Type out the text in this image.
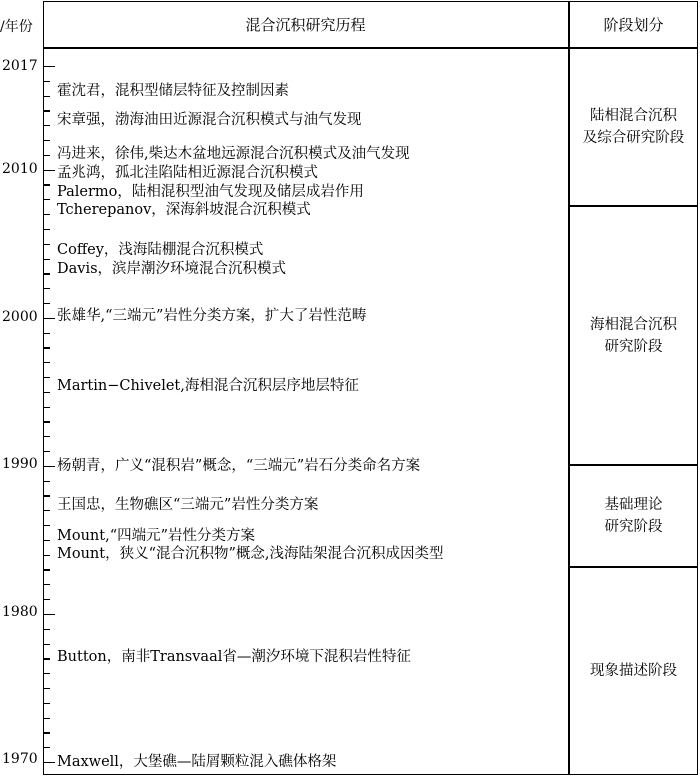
/年份	混合沉积研究历程	阶段划分
陆相混合沉积
及综合研究阶段
海相混合沉积
研究阶段
基础理论
研究阶段
现象描述阶段
2017
2010
2000
1990
1980
1970
霍沈君，混积型储层特征及控制因素
宋章强，渤海油田近源混合沉积模式与油气发现
冯进来，徐伟,柴达木盆地远源混合沉积模式及油气发现
孟兆鸿，孤北洼陷陆相近源混合沉积模式
Palermo，陆相混积型油气发现及储层成岩作用
Tcherepanov，深海斜坡混合沉积模式
Coffey，浅海陆棚混合沉积模式
Davis，滨岸潮汐环境混合沉积模式
张雄华,“三端元”岩性分类方案，扩大了岩性范畴
Martin−Chivelet,海相混合沉积层序地层特征
杨朝青，广义“混积岩”概念，“三端元”岩石分类命名方案
王国忠，生物礁区“三端元”岩性分类方案
Mount,“四端元”岩性分类方案
Mount，狭义“混合沉积物”概念,浅海陆架混合沉积成因类型
Button，南非Transvaal省—潮汐环境下混积岩性特征
Maxwell，大堡礁—陆屑颗粒混入礁体格架
